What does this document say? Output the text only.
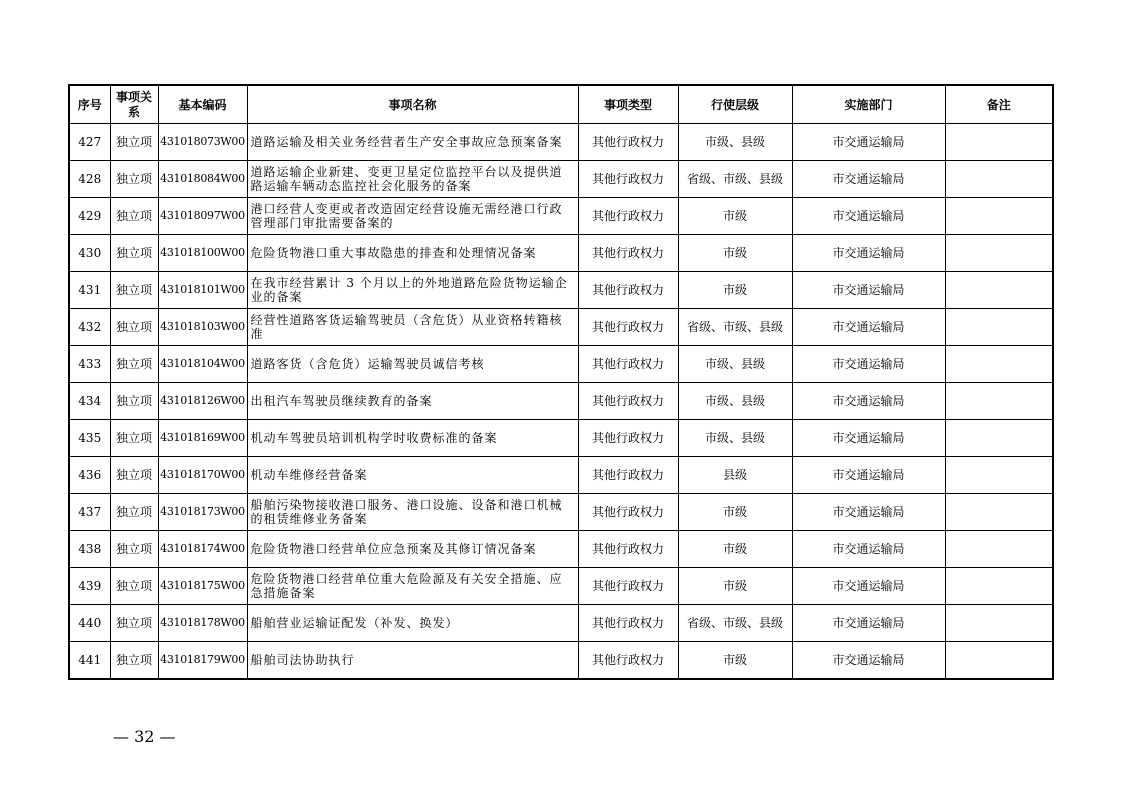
序号	事项关系	基本编码	事项名称	事项类型	行使层级	实施部门	备注
427	独立项	431018073W00	道路运输及相关业务经营者生产安全事故应急预案备案	其他行政权力	市级、县级	市交通运输局	
428	独立项	431018084W00	道路运输企业新建、变更卫星定位监控平台以及提供道路运输车辆动态监控社会化服务的备案	其他行政权力	省级、市级、县级	市交通运输局	
429	独立项	431018097W00	港口经营人变更或者改造固定经营设施无需经港口行政管理部门审批需要备案的	其他行政权力	市级	市交通运输局	
430	独立项	431018100W00	危险货物港口重大事故隐患的排查和处理情况备案	其他行政权力	市级	市交通运输局	
431	独立项	431018101W00	在我市经营累计 3 个月以上的外地道路危险货物运输企业的备案	其他行政权力	市级	市交通运输局	
432	独立项	431018103W00	经营性道路客货运输驾驶员（含危货）从业资格转籍核准	其他行政权力	省级、市级、县级	市交通运输局	
433	独立项	431018104W00	道路客货（含危货）运输驾驶员诚信考核	其他行政权力	市级、县级	市交通运输局	
434	独立项	431018126W00	出租汽车驾驶员继续教育的备案	其他行政权力	市级、县级	市交通运输局	
435	独立项	431018169W00	机动车驾驶员培训机构学时收费标准的备案	其他行政权力	市级、县级	市交通运输局	
436	独立项	431018170W00	机动车维修经营备案	其他行政权力	县级	市交通运输局	
437	独立项	431018173W00	船舶污染物接收港口服务、港口设施、设备和港口机械的租赁维修业务备案	其他行政权力	市级	市交通运输局	
438	独立项	431018174W00	危险货物港口经营单位应急预案及其修订情况备案	其他行政权力	市级	市交通运输局	
439	独立项	431018175W00	危险货物港口经营单位重大危险源及有关安全措施、应急措施备案	其他行政权力	市级	市交通运输局	
440	独立项	431018178W00	船舶营业运输证配发（补发、换发）	其他行政权力	省级、市级、县级	市交通运输局	
441	独立项	431018179W00	船舶司法协助执行	其他行政权力	市级	市交通运输局	
— 32 —
